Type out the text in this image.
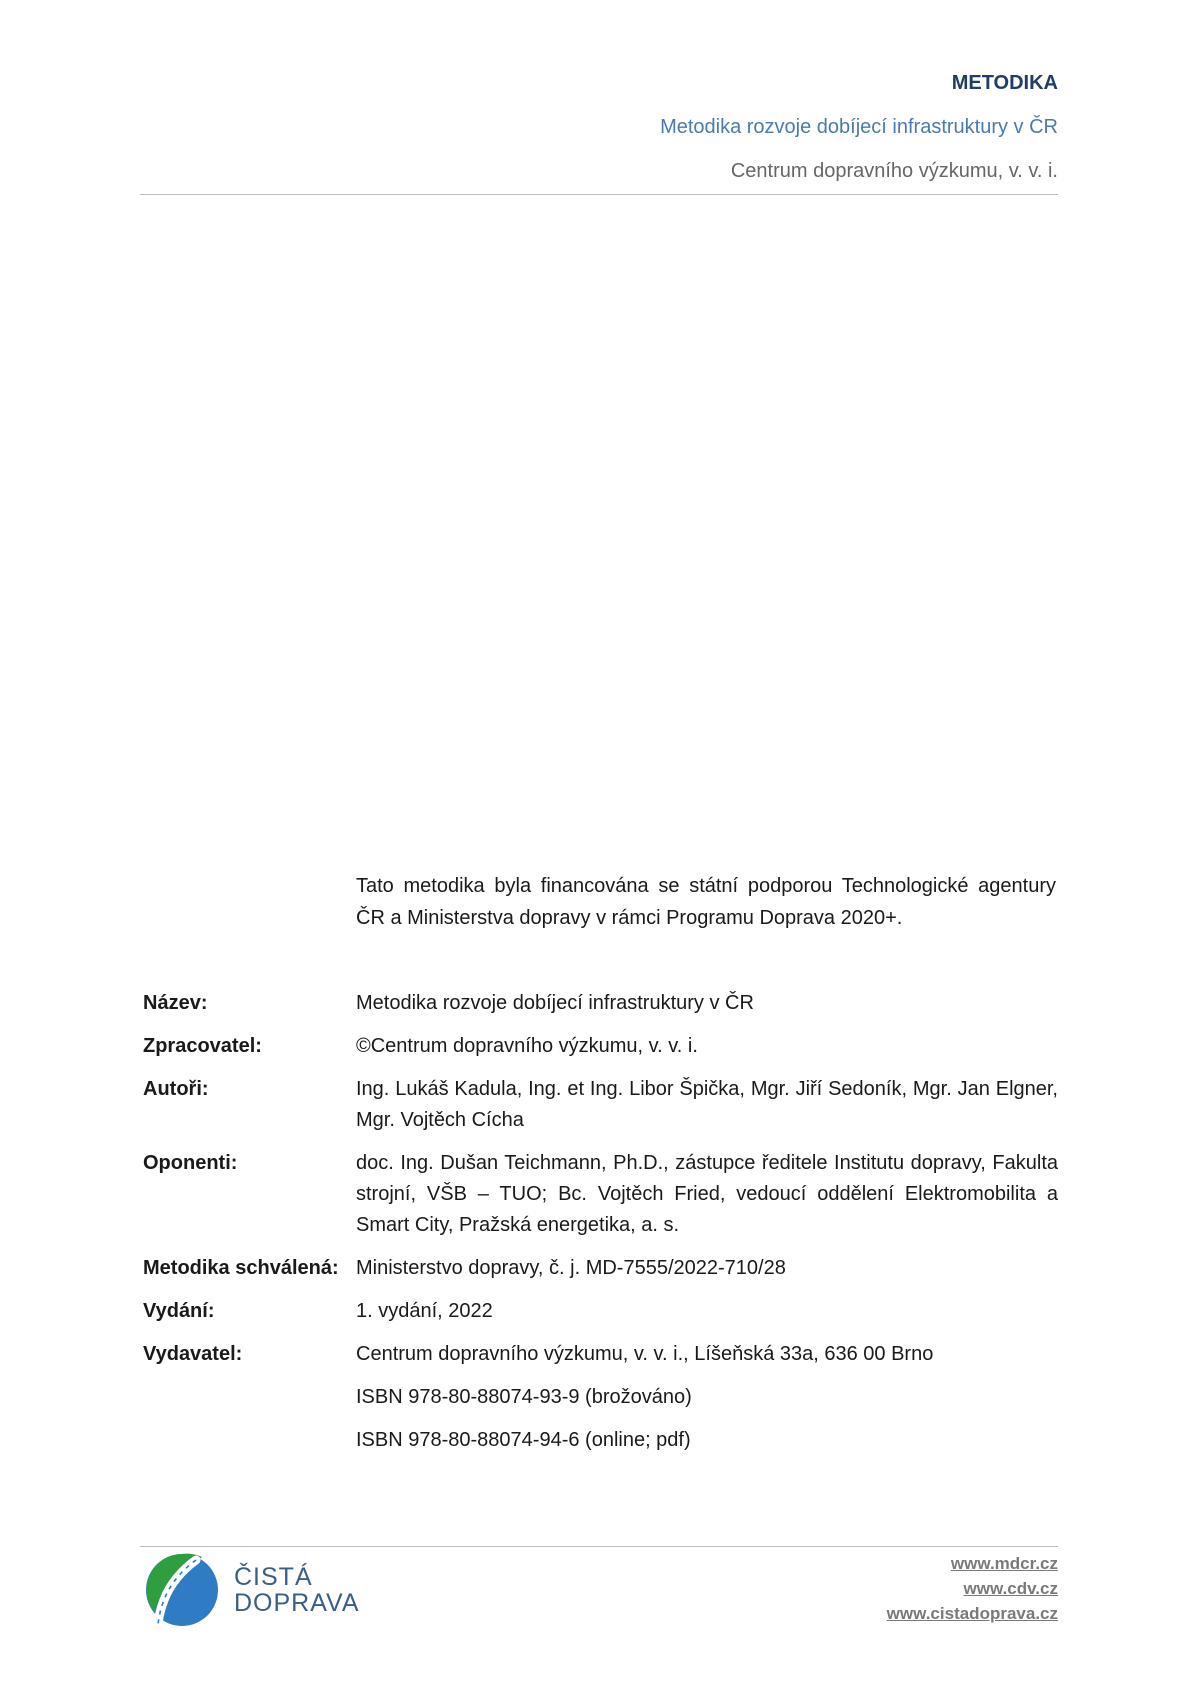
METODIKA
Metodika rozvoje dobíjecí infrastruktury v ČR
Centrum dopravního výzkumu, v. v. i.
Tato metodika byla financována se státní podporou Technologické agentury ČR a Ministerstva dopravy v rámci Programu Doprava 2020+.
Název:	Metodika rozvoje dobíjecí infrastruktury v ČR
Zpracovatel:	©Centrum dopravního výzkumu, v. v. i.
Autoři:	Ing. Lukáš Kadula, Ing. et Ing. Libor Špička, Mgr. Jiří Sedoník, Mgr. Jan Elgner, Mgr. Vojtěch Cícha
Oponenti:	doc. Ing. Dušan Teichmann, Ph.D., zástupce ředitele Institutu dopravy, Fakulta strojní, VŠB – TUO; Bc. Vojtěch Fried, vedoucí oddělení Elektromobilita a Smart City, Pražská energetika, a. s.
Metodika schválená: Ministerstvo dopravy, č. j. MD-7555/2022-710/28
Vydání:	1. vydání, 2022
Vydavatel:	Centrum dopravního výzkumu, v. v. i., Líšeňská 33a, 636 00 Brno
ISBN 978-80-88074-93-9 (brožováno)
ISBN 978-80-88074-94-6 (online; pdf)
ČISTÁ
DOPRAVA
www.mdcr.cz
www.cdv.cz
www.cistadoprava.cz
